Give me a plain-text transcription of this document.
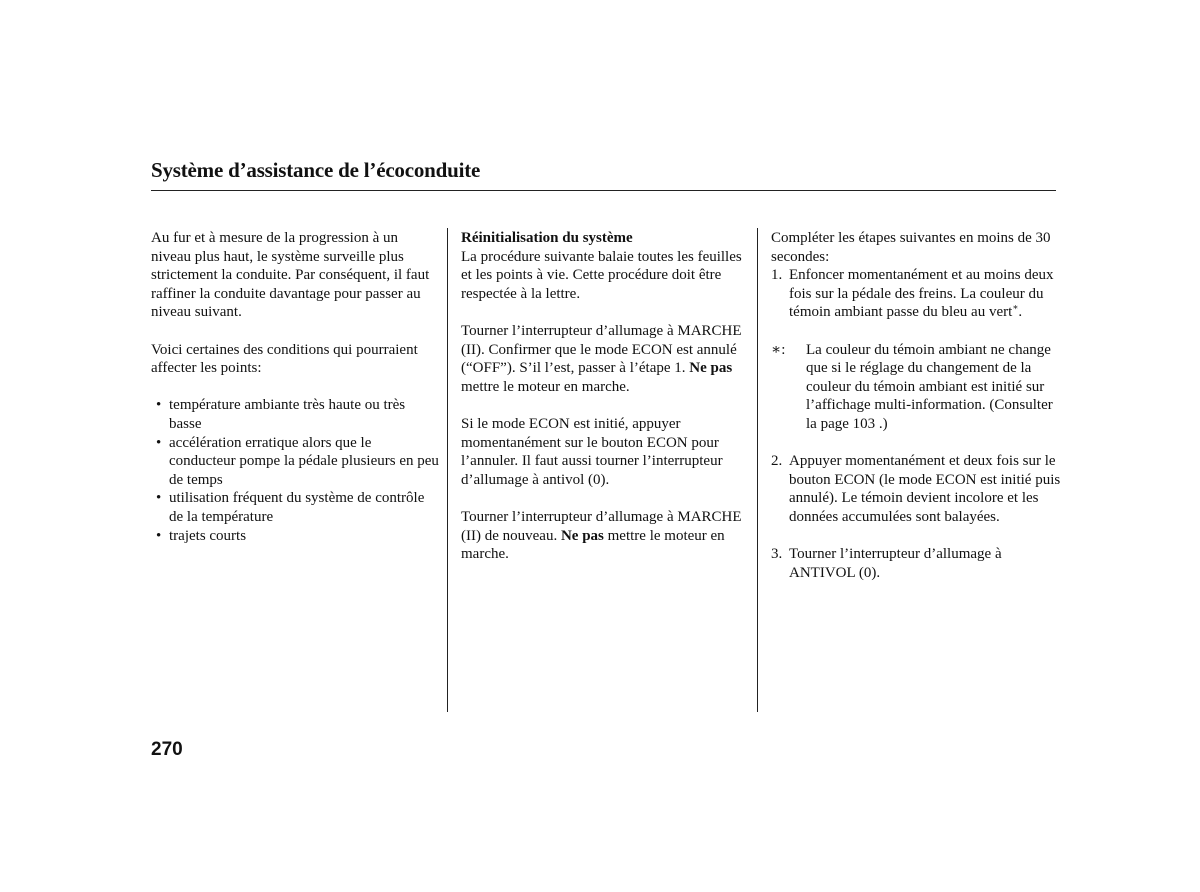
Système d’assistance de l’écoconduite

Au fur et à mesure de la progression à un niveau plus haut, le système surveille plus strictement la conduite. Par conséquent, il faut raffiner la conduite davantage pour passer au niveau suivant.

Voici certaines des conditions qui pourraient affecter les points:

• température ambiante très haute ou très basse
• accélération erratique alors que le conducteur pompe la pédale plusieurs en peu de temps
• utilisation fréquent du système de contrôle de la température
• trajets courts

Réinitialisation du système

La procédure suivante balaie toutes les feuilles et les points à vie. Cette procédure doit être respectée à la lettre.

Tourner l’interrupteur d’allumage à MARCHE (II). Confirmer que le mode ECON est annulé (“OFF”). S’il l’est, passer à l’étape 1. Ne pas mettre le moteur en marche.

Si le mode ECON est initié, appuyer momentanément sur le bouton ECON pour l’annuler. Il faut aussi tourner l’interrupteur d’allumage à antivol (0).

Tourner l’interrupteur d’allumage à MARCHE (II) de nouveau. Ne pas mettre le moteur en marche.

Compléter les étapes suivantes en moins de 30 secondes:

1. Enfoncer momentanément et au moins deux fois sur la pédale des freins. La couleur du témoin ambiant passe du bleu au vert∗.
∗: La couleur du témoin ambiant ne change que si le réglage du changement de la couleur du témoin ambiant est initié sur l’affichage multi-information. (Consulter la page 103 .)
2. Appuyer momentanément et deux fois sur le bouton ECON (le mode ECON est initié puis annulé). Le témoin devient incolore et les données accumulées sont balayées.
3. Tourner l’interrupteur d’allumage à ANTIVOL (0).
270
